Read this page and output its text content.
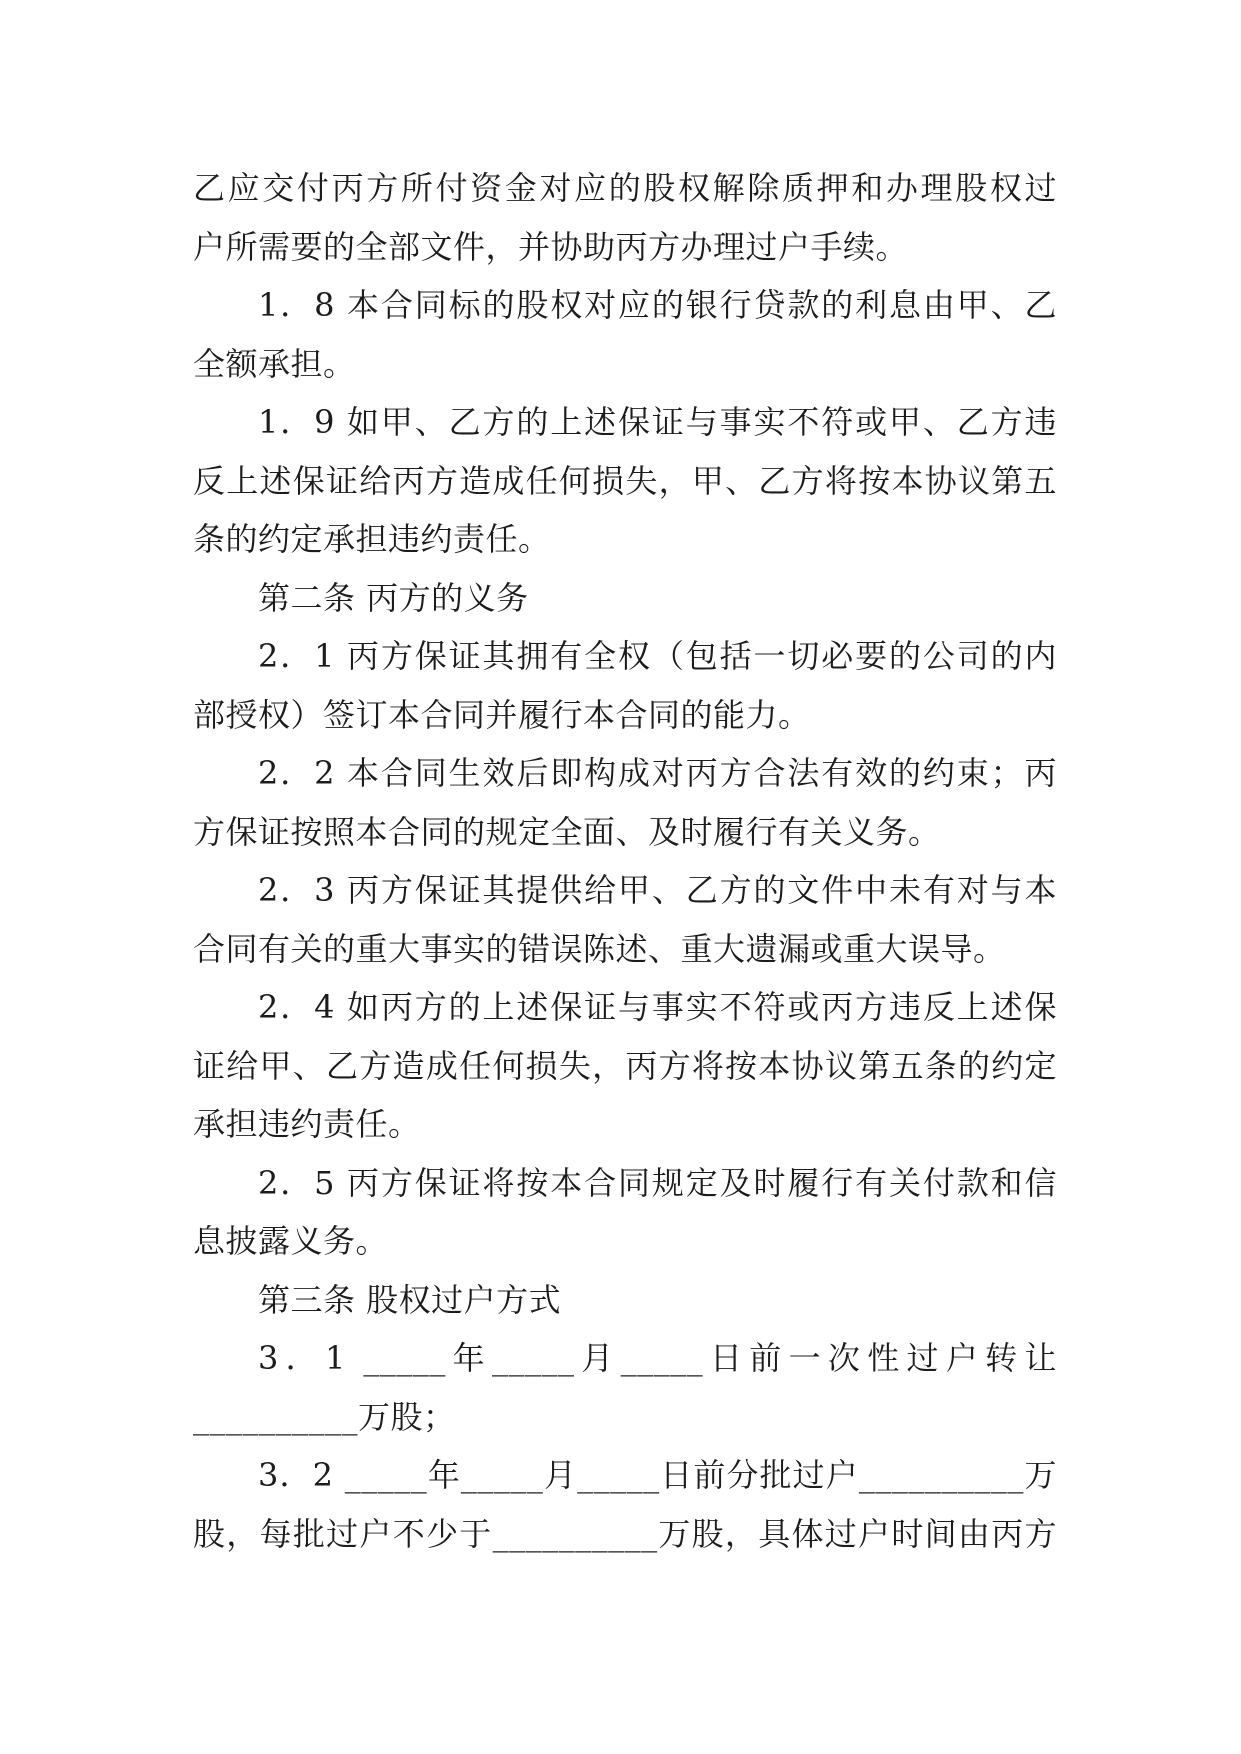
乙应交付丙方所付资金对应的股权解除质押和办理股权过
户所需要的全部文件，并协助丙方办理过户手续。
1．8 本合同标的股权对应的银行贷款的利息由甲、乙
全额承担。
1．9 如甲、乙方的上述保证与事实不符或甲、乙方违
反上述保证给丙方造成任何损失，甲、乙方将按本协议第五
条的约定承担违约责任。
第二条 丙方的义务
2．1 丙方保证其拥有全权（包括一切必要的公司的内
部授权）签订本合同并履行本合同的能力。
2．2 本合同生效后即构成对丙方合法有效的约束；丙
方保证按照本合同的规定全面、及时履行有关义务。
2．3 丙方保证其提供给甲、乙方的文件中未有对与本
合同有关的重大事实的错误陈述、重大遗漏或重大误导。
2．4 如丙方的上述保证与事实不符或丙方违反上述保
证给甲、乙方造成任何损失，丙方将按本协议第五条的约定
承担违约责任。
2．5 丙方保证将按本合同规定及时履行有关付款和信
息披露义务。
第三条 股权过户方式
3．1 _____年_____月_____日前一次性过户转让
__________万股；
3．2 _____年_____月_____日前分批过户__________万
股，每批过户不少于__________万股，具体过户时间由丙方
